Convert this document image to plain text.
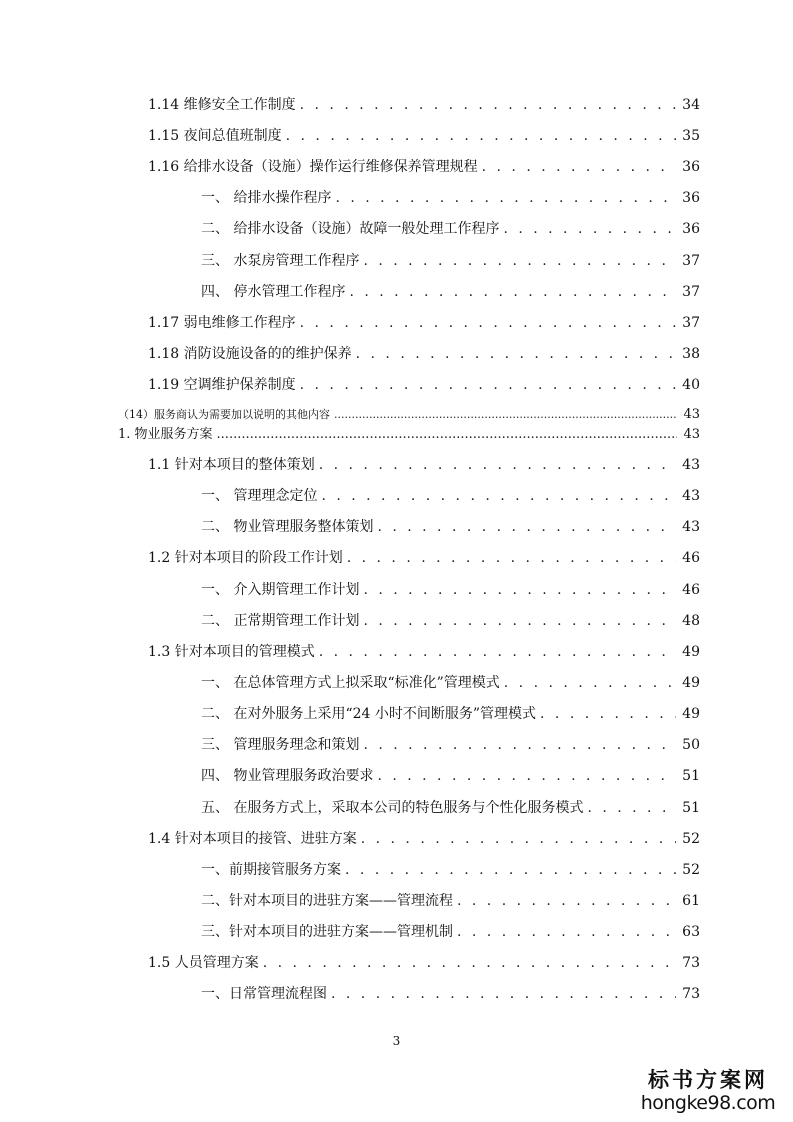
1.14 维修安全工作制度 . . .	34
1.15 夜间总值班制度 . . .	35
1.16 给排水设备（设施）操作运行维修保养管理规程 . . .	36
一、 给排水操作程序 . . .	36
二、 给排水设备（设施）故障一般处理工作程序 . . .	36
三、 水泵房管理工作程序 . . .	37
四、 停水管理工作程序 . . .	37
1.17 弱电维修工作程序 . . .	37
1.18 消防设施设备的的维护保养 . . .	38
1.19 空调维护保养制度 . . .	40
（14）服务商认为需要加以说明的其他内容 .....	43
1. 物业服务方案 .....	43
1.1 针对本项目的整体策划 . . .	43
一、 管理理念定位 . . .	43
二、 物业管理服务整体策划 . . .	43
1.2 针对本项目的阶段工作计划 . . .	46
一、 介入期管理工作计划 . . .	46
二、 正常期管理工作计划 . . .	48
1.3 针对本项目的管理模式 . . .	49
一、 在总体管理方式上拟采取“标准化”管理模式 . . .	49
二、 在对外服务上采用“24 小时不间断服务”管理模式 . . .	49
三、 管理服务理念和策划 . . .	50
四、 物业管理服务政治要求 . . .	51
五、 在服务方式上，采取本公司的特色服务与个性化服务模式 . . .	51
1.4 针对本项目的接管、进驻方案 . . .	52
一、前期接管服务方案 . . .	52
二、针对本项目的进驻方案——管理流程 . . .	61
三、针对本项目的进驻方案——管理机制 . . .	63
1.5 人员管理方案 . . .	73
一、日常管理流程图 . . .	73
3
标书方案网
hongke98.com
